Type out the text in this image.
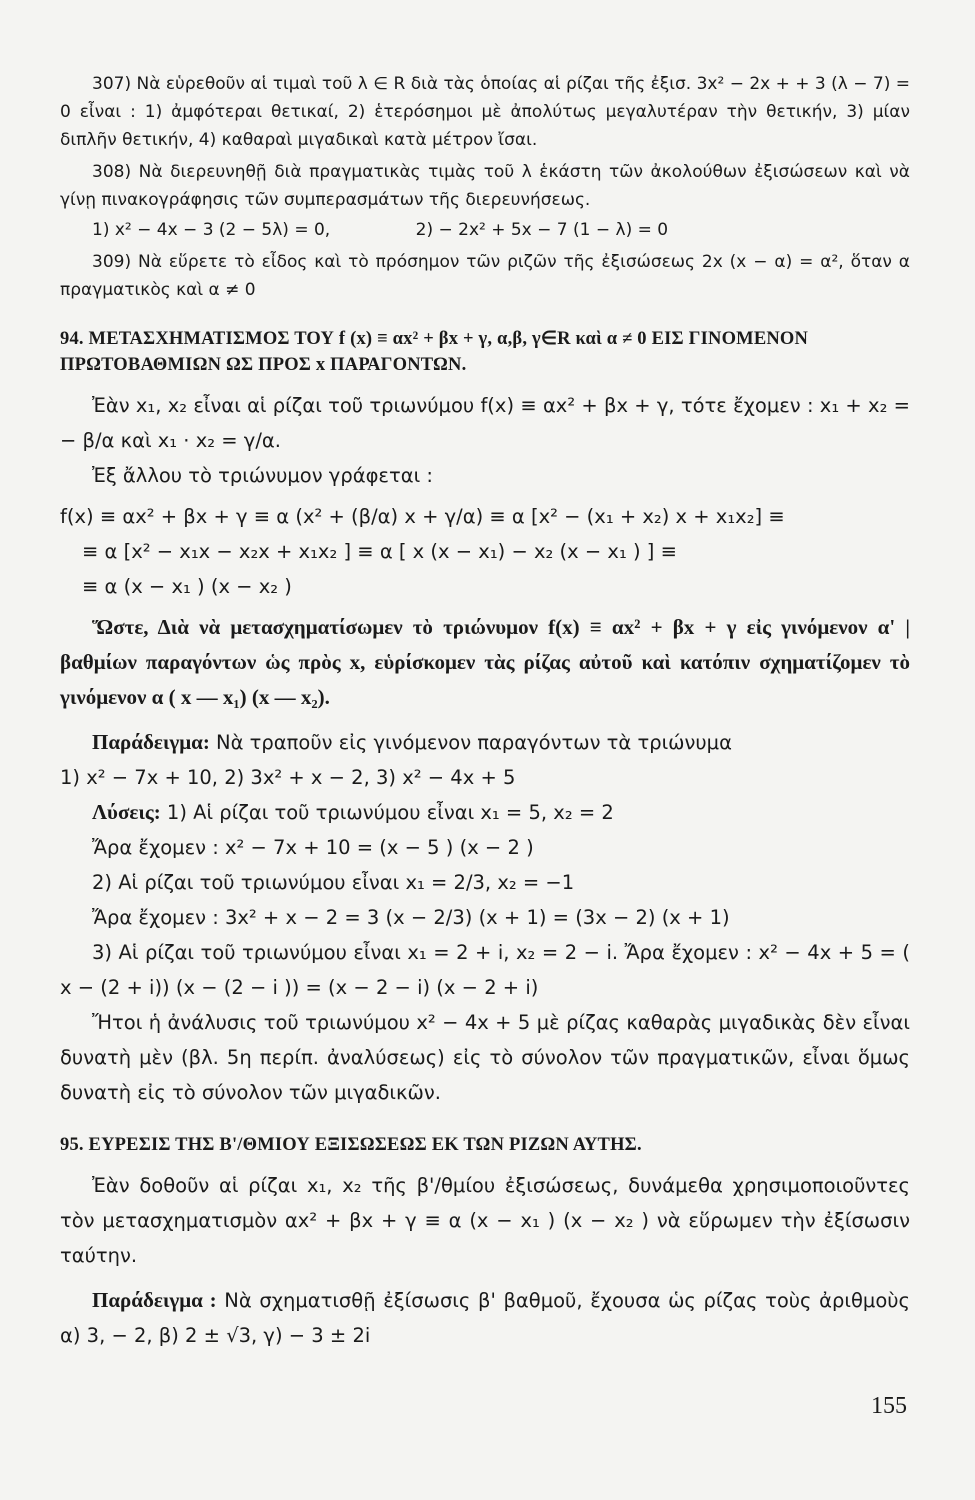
307) Νὰ εὑρεθοῦν αἱ τιμαὶ τοῦ λ ∈ R διὰ τὰς ὁποίας αἱ ρίζαι τῆς ἐξισ. 3x² − 2x + + 3 (λ − 7) = 0 εἶναι : 1) ἀμφότεραι θετικαί, 2) ἑτερόσημοι μὲ ἀπολύτως μεγαλυτέραν τὴν θετικήν, 3) μίαν διπλῆν θετικήν, 4) καθαραὶ μιγαδικαὶ κατὰ μέτρον ἴσαι.

308) Νὰ διερευνηθῇ διὰ πραγματικὰς τιμὰς τοῦ λ ἑκάστη τῶν ἀκολούθων ἐξισώσεων καὶ νὰ γίνῃ πινακογράφησις τῶν συμπερασμάτων τῆς διερευνήσεως.

1) x² − 4x − 3 (2 − 5λ) = 0,	2) − 2x² + 5x − 7 (1 − λ) = 0

309) Νὰ εὕρετε τὸ εἶδος καὶ τὸ πρόσημον τῶν ριζῶν τῆς ἐξισώσεως 2x (x − α) = α², ὅταν α πραγματικὸς καὶ α ≠ 0

94. ΜΕΤΑΣΧΗΜΑΤΙΣΜΟΣ ΤΟΥ f (x) ≡ αx² + βx + γ, α,β, γ∈R καὶ α ≠ 0 ΕΙΣ ΓΙΝΟΜΕΝΟΝ ΠΡΩΤΟΒΑΘΜΙΩΝ ΩΣ ΠΡΟΣ x ΠΑΡΑΓΟΝΤΩΝ.

Ἐὰν x₁, x₂ εἶναι αἱ ρίζαι τοῦ τριωνύμου f(x) ≡ αx² + βx + γ, τότε ἔχομεν : x₁ + x₂ = − β/α καὶ x₁ · x₂ = γ/α.

Ἐξ ἄλλου τὸ τριώνυμον γράφεται :

f(x) ≡ αx² + βx + γ ≡ α (x² + (β/α) x + γ/α) ≡ α [x² − (x₁ + x₂) x + x₁x₂] ≡

≡ α [x² − x₁x − x₂x + x₁x₂ ] ≡ α [ x (x − x₁) − x₂ (x − x₁ ) ] ≡

≡ α (x − x₁ ) (x − x₂ )

Ὥστε, Διὰ νὰ μετασχηματίσωμεν τὸ τριώνυμον f(x) ≡ αx² + βx + γ εἰς γινόμενον α' | βαθμίων παραγόντων ὡς πρὸς x, εὑρίσκομεν τὰς ρίζας αὐτοῦ καὶ κατόπιν σχηματίζομεν τὸ γινόμενον α ( x — x₁) (x — x₂).

Παράδειγμα: Νὰ τραποῦν εἰς γινόμενον παραγόντων τὰ τριώνυμα

1) x² − 7x + 10, 2) 3x² + x − 2, 3) x² − 4x + 5

Λύσεις: 1) Αἱ ρίζαι τοῦ τριωνύμου εἶναι x₁ = 5, x₂ = 2

Ἄρα ἔχομεν : x² − 7x + 10 = (x − 5 ) (x − 2 )

2) Αἱ ρίζαι τοῦ τριωνύμου εἶναι x₁ = 2/3, x₂ = −1

Ἄρα ἔχομεν : 3x² + x − 2 = 3 (x − 2/3) (x + 1) = (3x − 2) (x + 1)

3) Αἱ ρίζαι τοῦ τριωνύμου εἶναι x₁ = 2 + i, x₂ = 2 − i. Ἄρα ἔχομεν : x² − 4x + 5 = ( x − (2 + i)) (x − (2 − i )) = (x − 2 − i) (x − 2 + i)

Ἤτοι ἡ ἀνάλυσις τοῦ τριωνύμου x² − 4x + 5 μὲ ρίζας καθαρὰς μιγαδικὰς δὲν εἶναι δυνατὴ μὲν (βλ. 5η περίπ. ἀναλύσεως) εἰς τὸ σύνολον τῶν πραγματικῶν, εἶναι ὅμως δυνατὴ εἰς τὸ σύνολον τῶν μιγαδικῶν.

95. ΕΥΡΕΣΙΣ ΤΗΣ Β'/ΘΜΙΟΥ ΕΞΙΣΩΣΕΩΣ ΕΚ ΤΩΝ ΡΙΖΩΝ ΑΥΤΗΣ.

Ἐὰν δοθοῦν αἱ ρίζαι x₁, x₂ τῆς β'/θμίου ἐξισώσεως, δυνάμεθα χρησιμοποιοῦντες τὸν μετασχηματισμὸν αx² + βx + γ ≡ α (x − x₁ ) (x − x₂ ) νὰ εὕρωμεν τὴν ἐξίσωσιν ταύτην.

Παράδειγμα : Νὰ σχηματισθῇ ἐξίσωσις β' βαθμοῦ, ἔχουσα ὡς ρίζας τοὺς ἀριθμοὺς α) 3, − 2, β) 2 ± √3, γ) − 3 ± 2i

155
